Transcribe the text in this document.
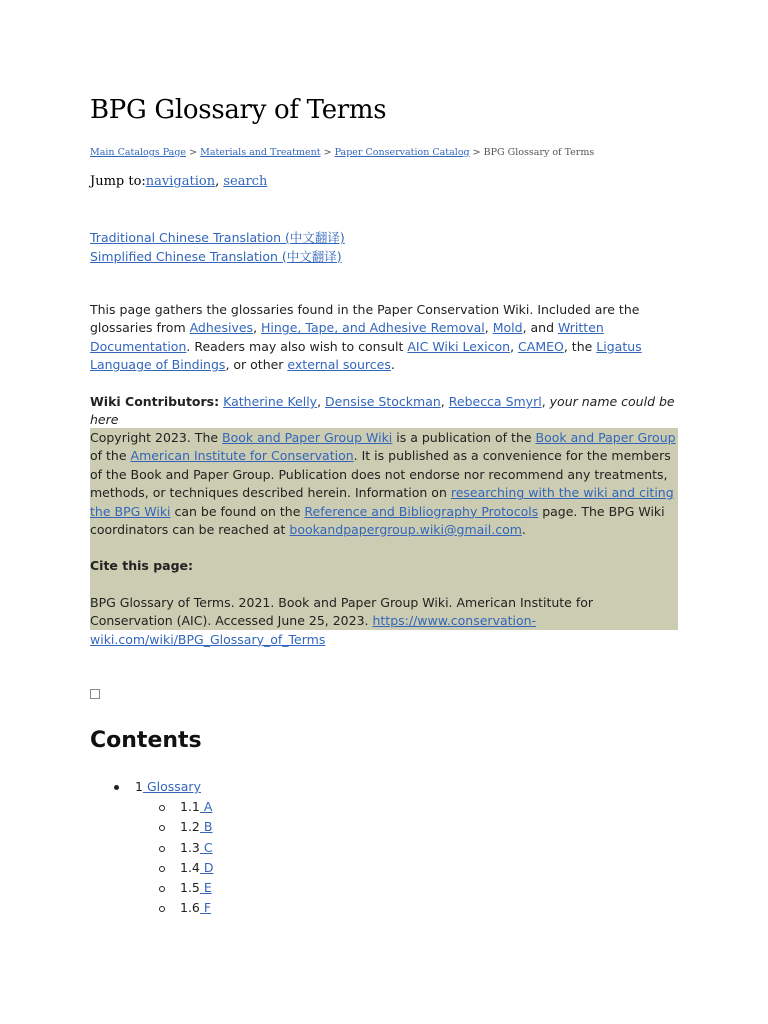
BPG Glossary of Terms
Main Catalogs Page > Materials and Treatment > Paper Conservation Catalog > BPG Glossary of Terms
Jump to:navigation, search
Traditional Chinese Translation (中文翻译)
Simplified Chinese Translation (中文翻译)
This page gathers the glossaries found in the Paper Conservation Wiki. Included are the glossaries from Adhesives, Hinge, Tape, and Adhesive Removal, Mold, and Written Documentation. Readers may also wish to consult AIC Wiki Lexicon, CAMEO, the Ligatus Language of Bindings, or other external sources.
Wiki Contributors: Katherine Kelly, Densise Stockman, Rebecca Smyrl, your name could be here

Copyright 2023. The Book and Paper Group Wiki is a publication of the Book and Paper Group of the American Institute for Conservation. It is published as a convenience for the members of the Book and Paper Group. Publication does not endorse nor recommend any treatments, methods, or techniques described herein. Information on researching with the wiki and citing the BPG Wiki can be found on the Reference and Bibliography Protocols page. The BPG Wiki coordinators can be reached at bookandpapergroup.wiki@gmail.com.

Cite this page:

BPG Glossary of Terms. 2021. Book and Paper Group Wiki. American Institute for Conservation (AIC). Accessed June 25, 2023. https://www.conservation-wiki.com/wiki/BPG_Glossary_of_Terms

Contents
1 Glossary
1.1 A
1.2 B
1.3 C
1.4 D
1.5 E
1.6 F
